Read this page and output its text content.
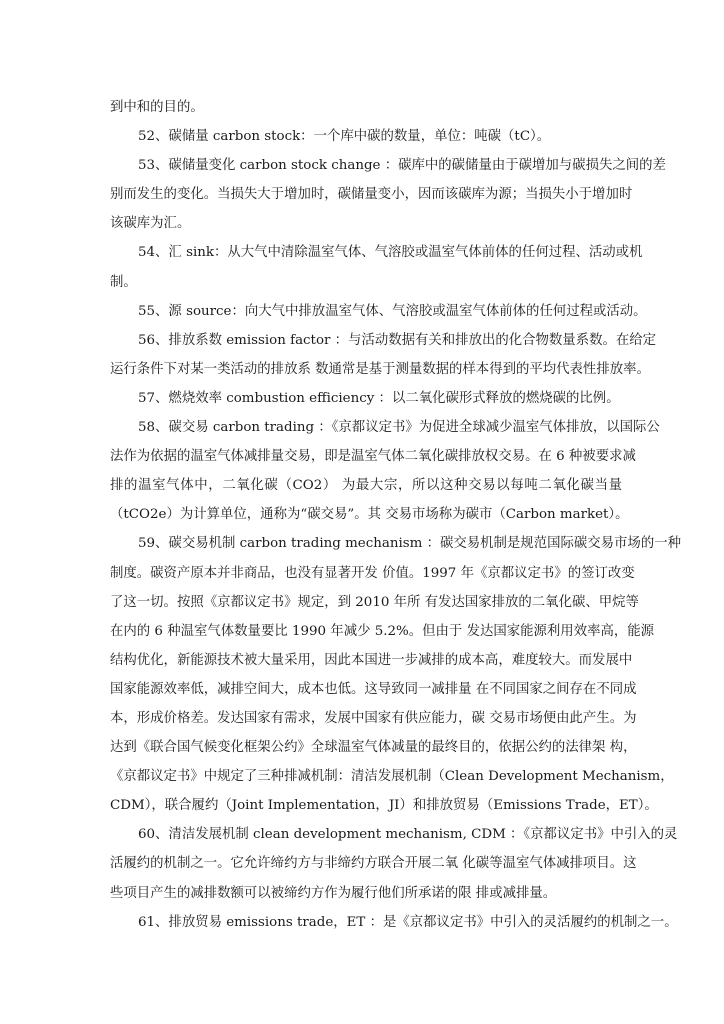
到中和的目的。
52、碳储量 carbon stock：一个库中碳的数量，单位：吨碳（tC）。
53、碳储量变化 carbon stock change ：碳库中的碳储量由于碳增加与碳损失之间的差
别而发生的变化。当损失大于增加时，碳储量变小，因而该碳库为源；当损失小于增加时
该碳库为汇。
54、汇 sink：从大气中清除温室气体、气溶胶或温室气体前体的任何过程、活动或机
制。
55、源 source：向大气中排放温室气体、气溶胶或温室气体前体的任何过程或活动。
56、排放系数 emission factor ：与活动数据有关和排放出的化合物数量系数。在给定
运行条件下对某一类活动的排放系 数通常是基于测量数据的样本得到的平均代表性排放率。
57、燃烧效率 combustion efficiency ：以二氧化碳形式释放的燃烧碳的比例。
58、碳交易 carbon trading ：《京都议定书》为促进全球减少温室气体排放，以国际公
法作为依据的温室气体减排量交易，即是温室气体二氧化碳排放权交易。在 6 种被要求减
排的温室气体中，二氧化碳（CO2） 为最大宗，所以这种交易以每吨二氧化碳当量
（tCO2e）为计算单位，通称为“碳交易”。其 交易市场称为碳市（Carbon market）。
59、碳交易机制 carbon trading mechanism ：碳交易机制是规范国际碳交易市场的一种
制度。碳资产原本并非商品，也没有显著开发 价值。1997 年《京都议定书》的签订改变
了这一切。按照《京都议定书》规定，到 2010 年所 有发达国家排放的二氧化碳、甲烷等
在内的 6 种温室气体数量要比 1990 年减少 5.2%。但由于 发达国家能源利用效率高，能源
结构优化，新能源技术被大量采用，因此本国进一步减排的成本高，难度较大。而发展中
国家能源效率低，减排空间大，成本也低。这导致同一减排量 在不同国家之间存在不同成
本，形成价格差。发达国家有需求，发展中国家有供应能力，碳 交易市场便由此产生。为
达到《联合国气候变化框架公约》全球温室气体减量的最终目的，依据公约的法律架 构，
《京都议定书》中规定了三种排减机制：清洁发展机制（Clean Development Mechanism，
CDM），联合履约（Joint Implementation，JI）和排放贸易（Emissions Trade，ET）。
60、清洁发展机制 clean development mechanism, CDM ：《京都议定书》中引入的灵
活履约的机制之一。它允许缔约方与非缔约方联合开展二氧 化碳等温室气体减排项目。这
些项目产生的减排数额可以被缔约方作为履行他们所承诺的限 排或减排量。
61、排放贸易 emissions trade，ET ：是《京都议定书》中引入的灵活履约的机制之一。
